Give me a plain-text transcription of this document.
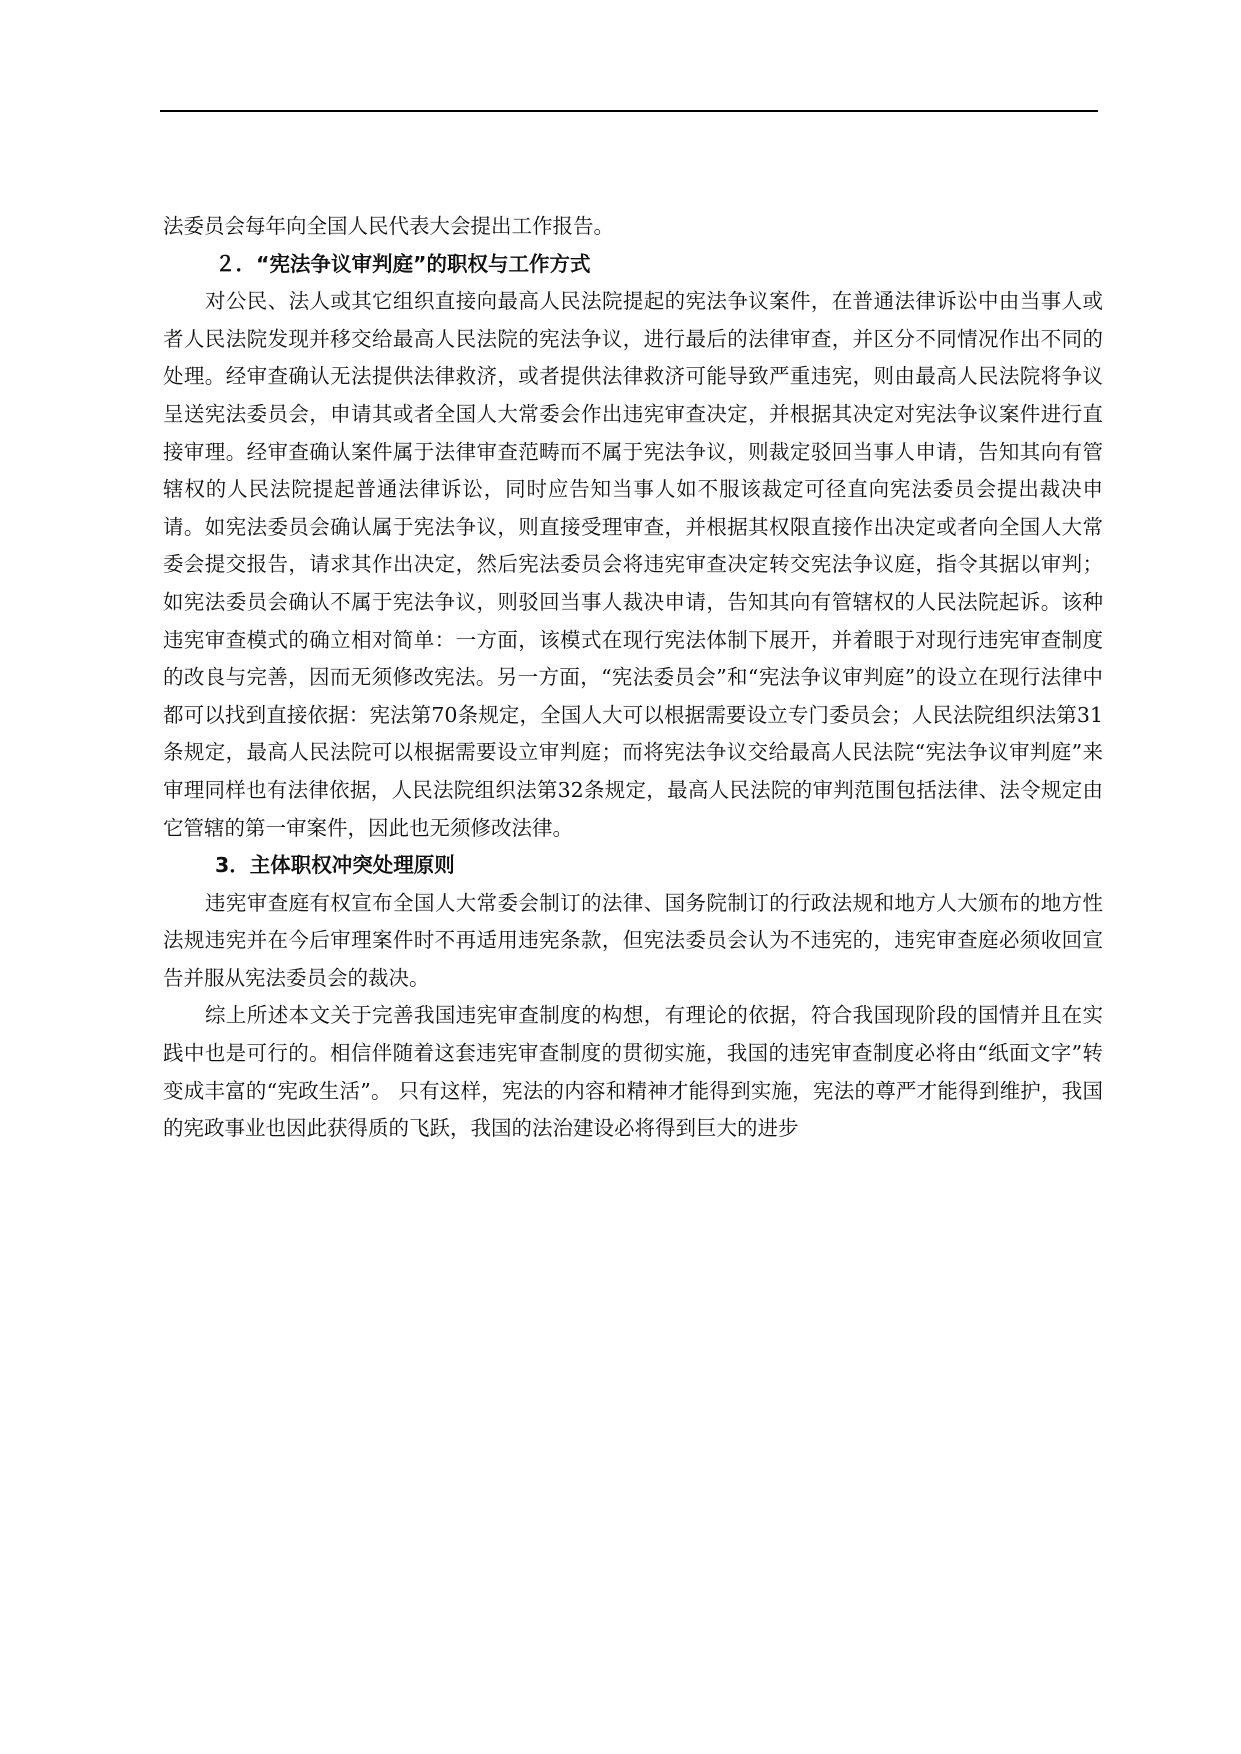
法委员会每年向全国人民代表大会提出工作报告。

２．“宪法争议审判庭”的职权与工作方式

对公民、法人或其它组织直接向最高人民法院提起的宪法争议案件，在普通法律诉讼中由当事人或者人民法院发现并移交给最高人民法院的宪法争议，进行最后的法律审查，并区分不同情况作出不同的处理。经审查确认无法提供法律救济，或者提供法律救济可能导致严重违宪，则由最高人民法院将争议呈送宪法委员会，申请其或者全国人大常委会作出违宪审查决定，并根据其决定对宪法争议案件进行直接审理。经审查确认案件属于法律审查范畴而不属于宪法争议，则裁定驳回当事人申请，告知其向有管辖权的人民法院提起普通法律诉讼，同时应告知当事人如不服该裁定可径直向宪法委员会提出裁决申请。如宪法委员会确认属于宪法争议，则直接受理审查，并根据其权限直接作出决定或者向全国人大常委会提交报告，请求其作出决定，然后宪法委员会将违宪审查决定转交宪法争议庭，指令其据以审判；如宪法委员会确认不属于宪法争议，则驳回当事人裁决申请，告知其向有管辖权的人民法院起诉。该种违宪审查模式的确立相对简单：一方面，该模式在现行宪法体制下展开，并着眼于对现行违宪审查制度的改良与完善，因而无须修改宪法。另一方面，“宪法委员会”和“宪法争议审判庭”的设立在现行法律中都可以找到直接依据：宪法第70条规定，全国人大可以根据需要设立专门委员会；人民法院组织法第31条规定，最高人民法院可以根据需要设立审判庭；而将宪法争议交给最高人民法院“宪法争议审判庭”来审理同样也有法律依据，人民法院组织法第32条规定，最高人民法院的审判范围包括法律、法令规定由它管辖的第一审案件，因此也无须修改法律。

3．主体职权冲突处理原则

违宪审查庭有权宣布全国人大常委会制订的法律、国务院制订的行政法规和地方人大颁布的地方性法规违宪并在今后审理案件时不再适用违宪条款，但宪法委员会认为不违宪的，违宪审查庭必须收回宣告并服从宪法委员会的裁决。

综上所述本文关于完善我国违宪审查制度的构想，有理论的依据，符合我国现阶段的国情并且在实践中也是可行的。相信伴随着这套违宪审查制度的贯彻实施，我国的违宪审查制度必将由“纸面文字”转变成丰富的“宪政生活”。 只有这样，宪法的内容和精神才能得到实施，宪法的尊严才能得到维护，我国的宪政事业也因此获得质的飞跃，我国的法治建设必将得到巨大的进步
